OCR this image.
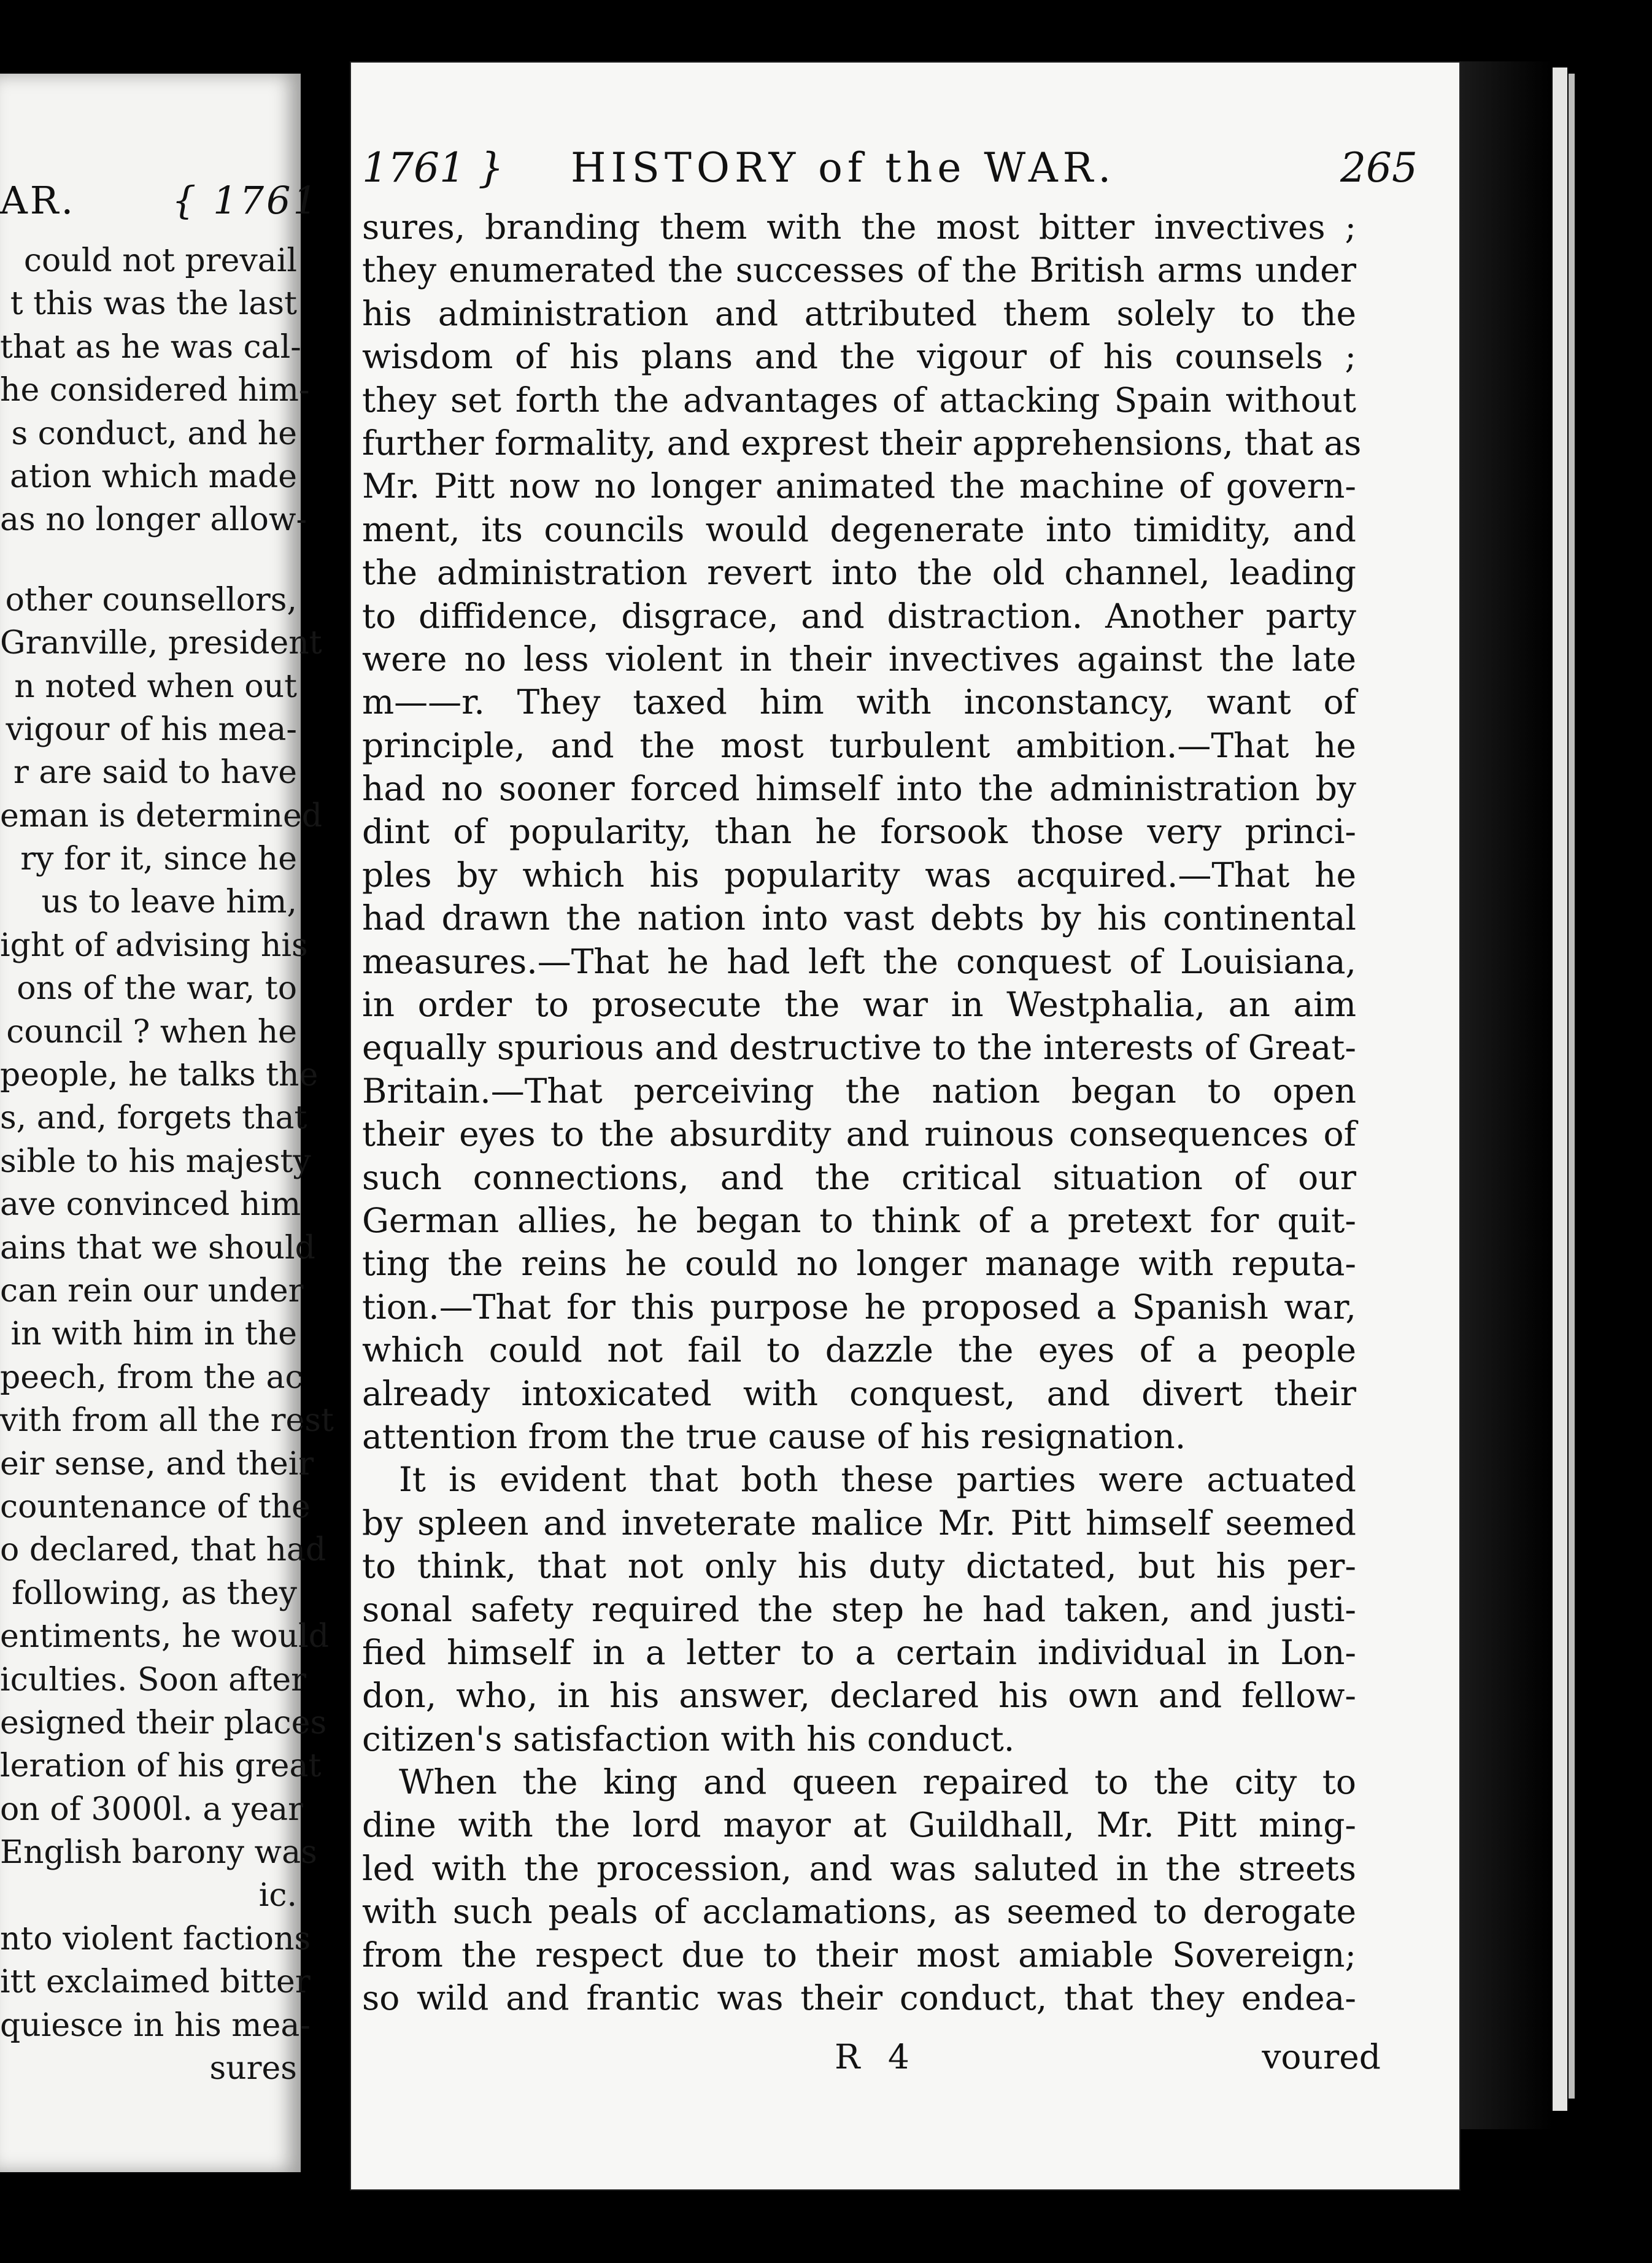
AR.	{ 1761
could not prevail
t this was the last
that as he was cal-
he considered him-
s conduct, and he
ation which made
as no longer allow-
other counsellors,
Granville, president
n noted when out
vigour of his mea-
r are said to have
eman is determined
ry for it, since he
us to leave him,
ight of advising his
ons of the war, to
council ? when he
people, he talks the
s, and, forgets that
sible to his majesty
ave convinced him
ains that we should
can rein our under
in with him in the
peech, from the ac
vith from all the rest
eir sense, and their
countenance of the
o declared, that had
following, as they
entiments, he would
iculties. Soon after
esigned their places
leration of his great
on of 3000l. a year
English barony was
ic.
nto violent factions
itt exclaimed bitter
quiesce in his mea-
sures
1761 } HISTORY of the WAR.	265
sures, branding them with the most bitter invectives ;
they enumerated the successes of the British arms under
his administration and attributed them solely to the
wisdom of his plans and the vigour of his counsels ;
they set forth the advantages of attacking Spain without
further formality, and exprest their apprehensions, that as
Mr. Pitt now no longer animated the machine of govern-
ment, its councils would degenerate into timidity, and
the administration revert into the old channel, leading
to diffidence, disgrace, and distraction. Another party
were no less violent in their invectives against the late
m——r. They taxed him with inconstancy, want of
principle, and the most turbulent ambition.—That he
had no sooner forced himself into the administration by
dint of popularity, than he forsook those very princi-
ples by which his popularity was acquired.—That he
had drawn the nation into vast debts by his continental
measures.—That he had left the conquest of Louisiana,
in order to prosecute the war in Westphalia, an aim
equally spurious and destructive to the interests of Great-
Britain.—That perceiving the nation began to open
their eyes to the absurdity and ruinous consequences of
such connections, and the critical situation of our
German allies, he began to think of a pretext for quit-
ting the reins he could no longer manage with reputa-
tion.—That for this purpose he proposed a Spanish war,
which could not fail to dazzle the eyes of a people
already intoxicated with conquest, and divert their
attention from the true cause of his resignation.
It is evident that both these parties were actuated
by spleen and inveterate malice Mr. Pitt himself seemed
to think, that not only his duty dictated, but his per-
sonal safety required the step he had taken, and justi-
fied himself in a letter to a certain individual in Lon-
don, who, in his answer, declared his own and fellow-
citizen's satisfaction with his conduct.
When the king and queen repaired to the city to
dine with the lord mayor at Guildhall, Mr. Pitt ming-
led with the procession, and was saluted in the streets
with such peals of acclamations, as seemed to derogate
from the respect due to their most amiable Sovereign;
so wild and frantic was their conduct, that they endea-
R 4	voured
